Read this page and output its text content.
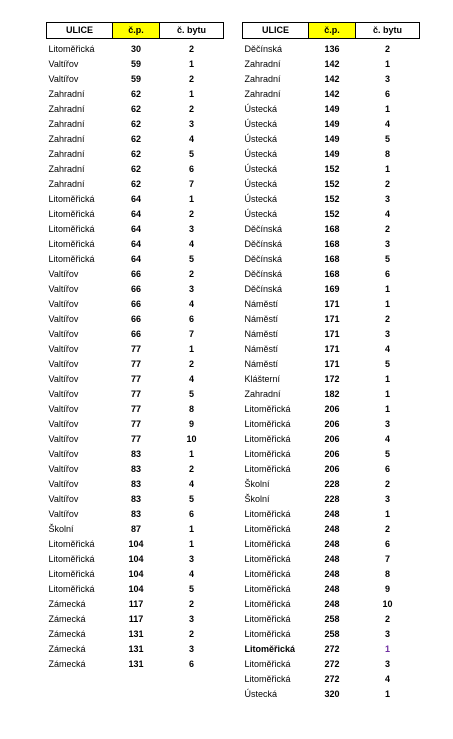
ULICE	č.p.	č. bytu
Litoměřická	30	2
Valtířov	59	1
Valtířov	59	2
Zahradní	62	1
Zahradní	62	2
Zahradní	62	3
Zahradní	62	4
Zahradní	62	5
Zahradní	62	6
Zahradní	62	7
Litoměřická	64	1
Litoměřická	64	2
Litoměřická	64	3
Litoměřická	64	4
Litoměřická	64	5
Valtířov	66	2
Valtířov	66	3
Valtířov	66	4
Valtířov	66	6
Valtířov	66	7
Valtířov	77	1
Valtířov	77	2
Valtířov	77	4
Valtířov	77	5
Valtířov	77	8
Valtířov	77	9
Valtířov	77	10
Valtířov	83	1
Valtířov	83	2
Valtířov	83	4
Valtířov	83	5
Valtířov	83	6
Školní	87	1
Litoměřická	104	1
Litoměřická	104	3
Litoměřická	104	4
Litoměřická	104	5
Zámecká	117	2
Zámecká	117	3
Zámecká	131	2
Zámecká	131	3
Zámecká	131	6
ULICE	č.p.	č. bytu
Děčínská	136	2
Zahradní	142	1
Zahradní	142	3
Zahradní	142	6
Ústecká	149	1
Ústecká	149	4
Ústecká	149	5
Ústecká	149	8
Ústecká	152	1
Ústecká	152	2
Ústecká	152	3
Ústecká	152	4
Děčínská	168	2
Děčínská	168	3
Děčínská	168	5
Děčínská	168	6
Děčínská	169	1
Náměstí	171	1
Náměstí	171	2
Náměstí	171	3
Náměstí	171	4
Náměstí	171	5
Klášterní	172	1
Zahradní	182	1
Litoměřická	206	1
Litoměřická	206	3
Litoměřická	206	4
Litoměřická	206	5
Litoměřická	206	6
Školní	228	2
Školní	228	3
Litoměřická	248	1
Litoměřická	248	2
Litoměřická	248	6
Litoměřická	248	7
Litoměřická	248	8
Litoměřická	248	9
Litoměřická	248	10
Litoměřická	258	2
Litoměřická	258	3
Litoměřická	272	1
Litoměřická	272	3
Litoměřická	272	4
Ústecká	320	1
